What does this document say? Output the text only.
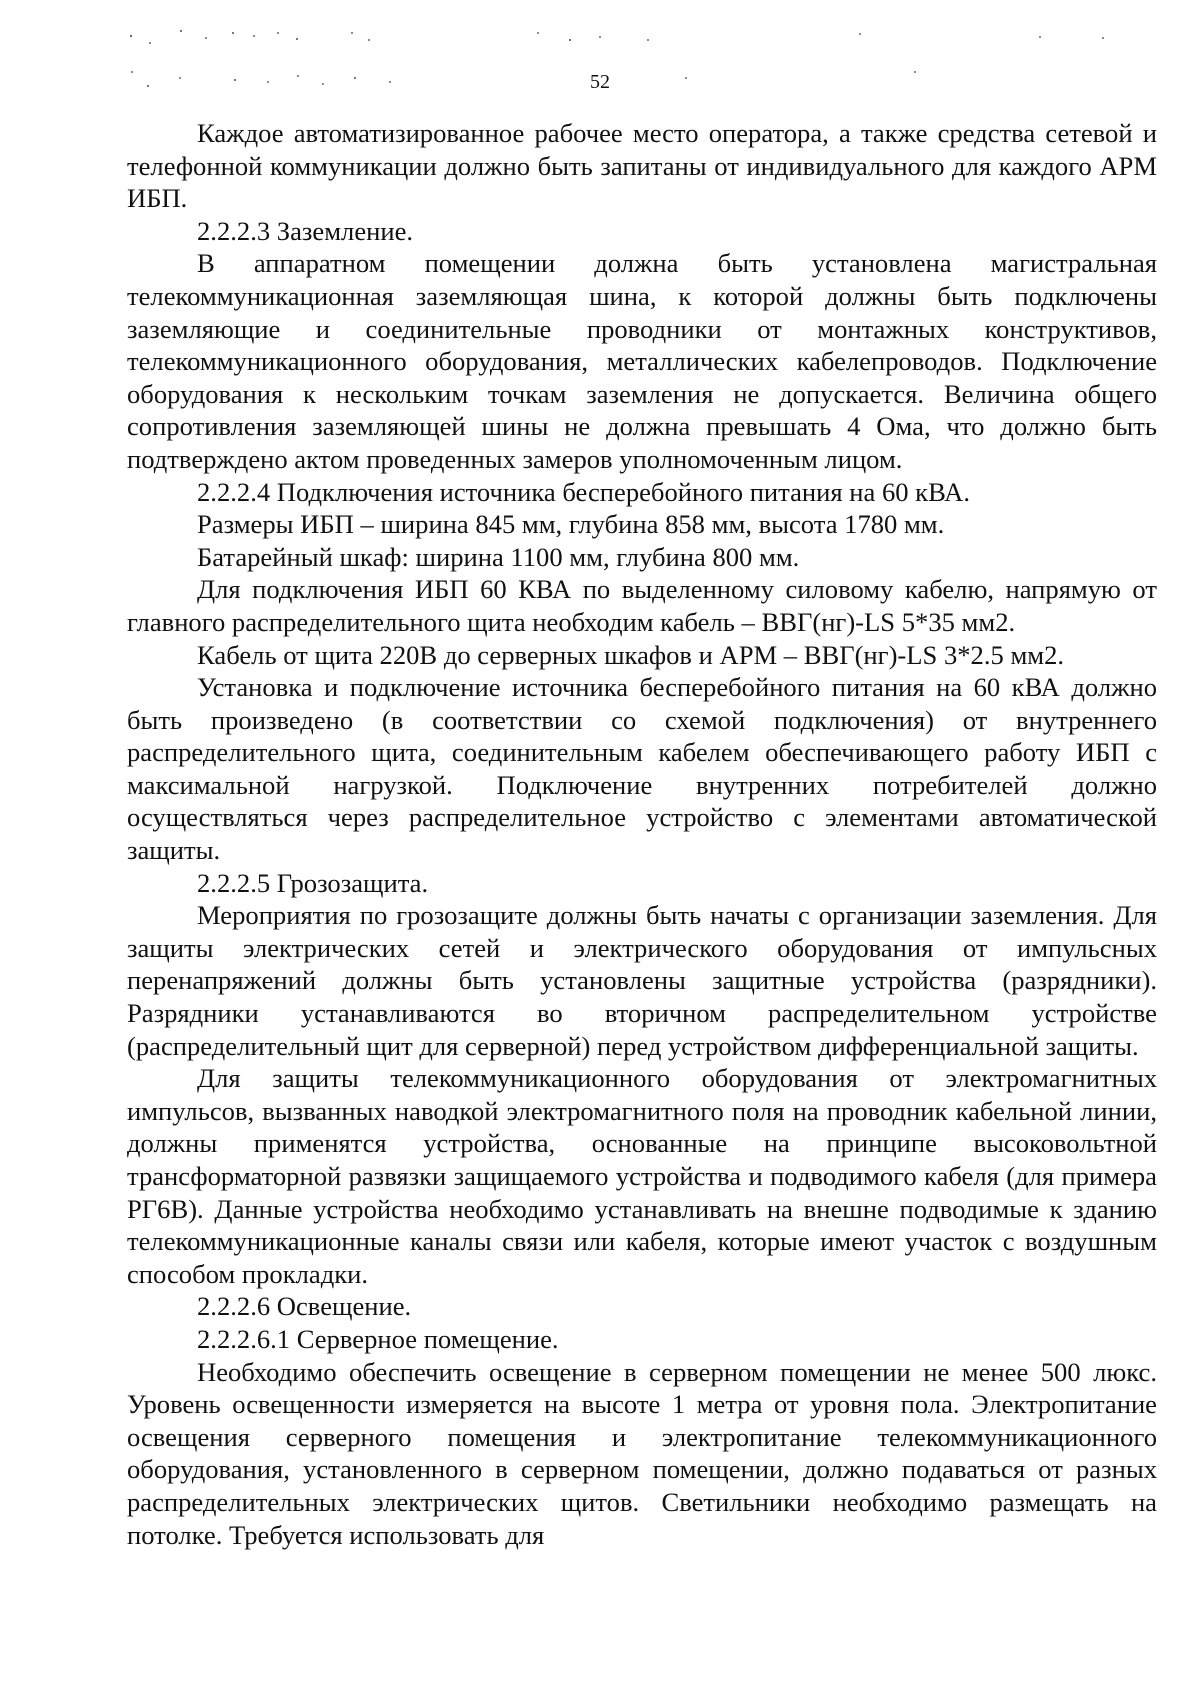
52

Каждое автоматизированное рабочее место оператора, а также средства сетевой и телефонной коммуникации должно быть запитаны от индивидуального для каждого АРМ ИБП.

2.2.2.3 Заземление.

В аппаратном помещении должна быть установлена магистральная телекоммуникационная заземляющая шина, к которой должны быть подключены заземляющие и соединительные проводники от монтажных конструктивов, телекоммуникационного оборудования, металлических кабелепроводов. Подключение оборудования к нескольким точкам заземления не допускается. Величина общего сопротивления заземляющей шины не должна превышать 4 Ома, что должно быть подтверждено актом проведенных замеров уполномоченным лицом.

2.2.2.4 Подключения источника бесперебойного питания на 60 кВА.

Размеры ИБП – ширина 845 мм, глубина 858 мм, высота 1780 мм.

Батарейный шкаф: ширина 1100 мм, глубина 800 мм.

Для подключения ИБП 60 КВА по выделенному силовому кабелю, напрямую от главного распределительного щита необходим кабель – ВВГ(нг)-LS 5*35 мм2.

Кабель от щита 220В до серверных шкафов и АРМ – ВВГ(нг)-LS 3*2.5 мм2.

Установка и подключение источника бесперебойного питания на 60 кВА должно быть произведено (в соответствии со схемой подключения) от внутреннего распределительного щита, соединительным кабелем обеспечивающего работу ИБП с максимальной нагрузкой. Подключение внутренних потребителей должно осуществляться через распределительное устройство с элементами автоматической защиты.

2.2.2.5 Грозозащита.

Мероприятия по грозозащите должны быть начаты с организации заземления. Для защиты электрических сетей и электрического оборудования от импульсных перенапряжений должны быть установлены защитные устройства (разрядники). Разрядники устанавливаются во вторичном распределительном устройстве (распределительный щит для серверной) перед устройством дифференциальной защиты.

Для защиты телекоммуникационного оборудования от электромагнитных импульсов, вызванных наводкой электромагнитного поля на проводник кабельной линии, должны применятся устройства, основанные на принципе высоковольтной трансформаторной развязки защищаемого устройства и подводимого кабеля (для примера РГ6В). Данные устройства необходимо устанавливать на внешне подводимые к зданию телекоммуникационные каналы связи или кабеля, которые имеют участок с воздушным способом прокладки.

2.2.2.6 Освещение.

2.2.2.6.1 Серверное помещение.

Необходимо обеспечить освещение в серверном помещении не менее 500 люкс. Уровень освещенности измеряется на высоте 1 метра от уровня пола. Электропитание освещения серверного помещения и электропитание телекоммуникационного оборудования, установленного в серверном помещении, должно подаваться от разных распределительных электрических щитов. Светильники необходимо размещать на потолке. Требуется использовать для
